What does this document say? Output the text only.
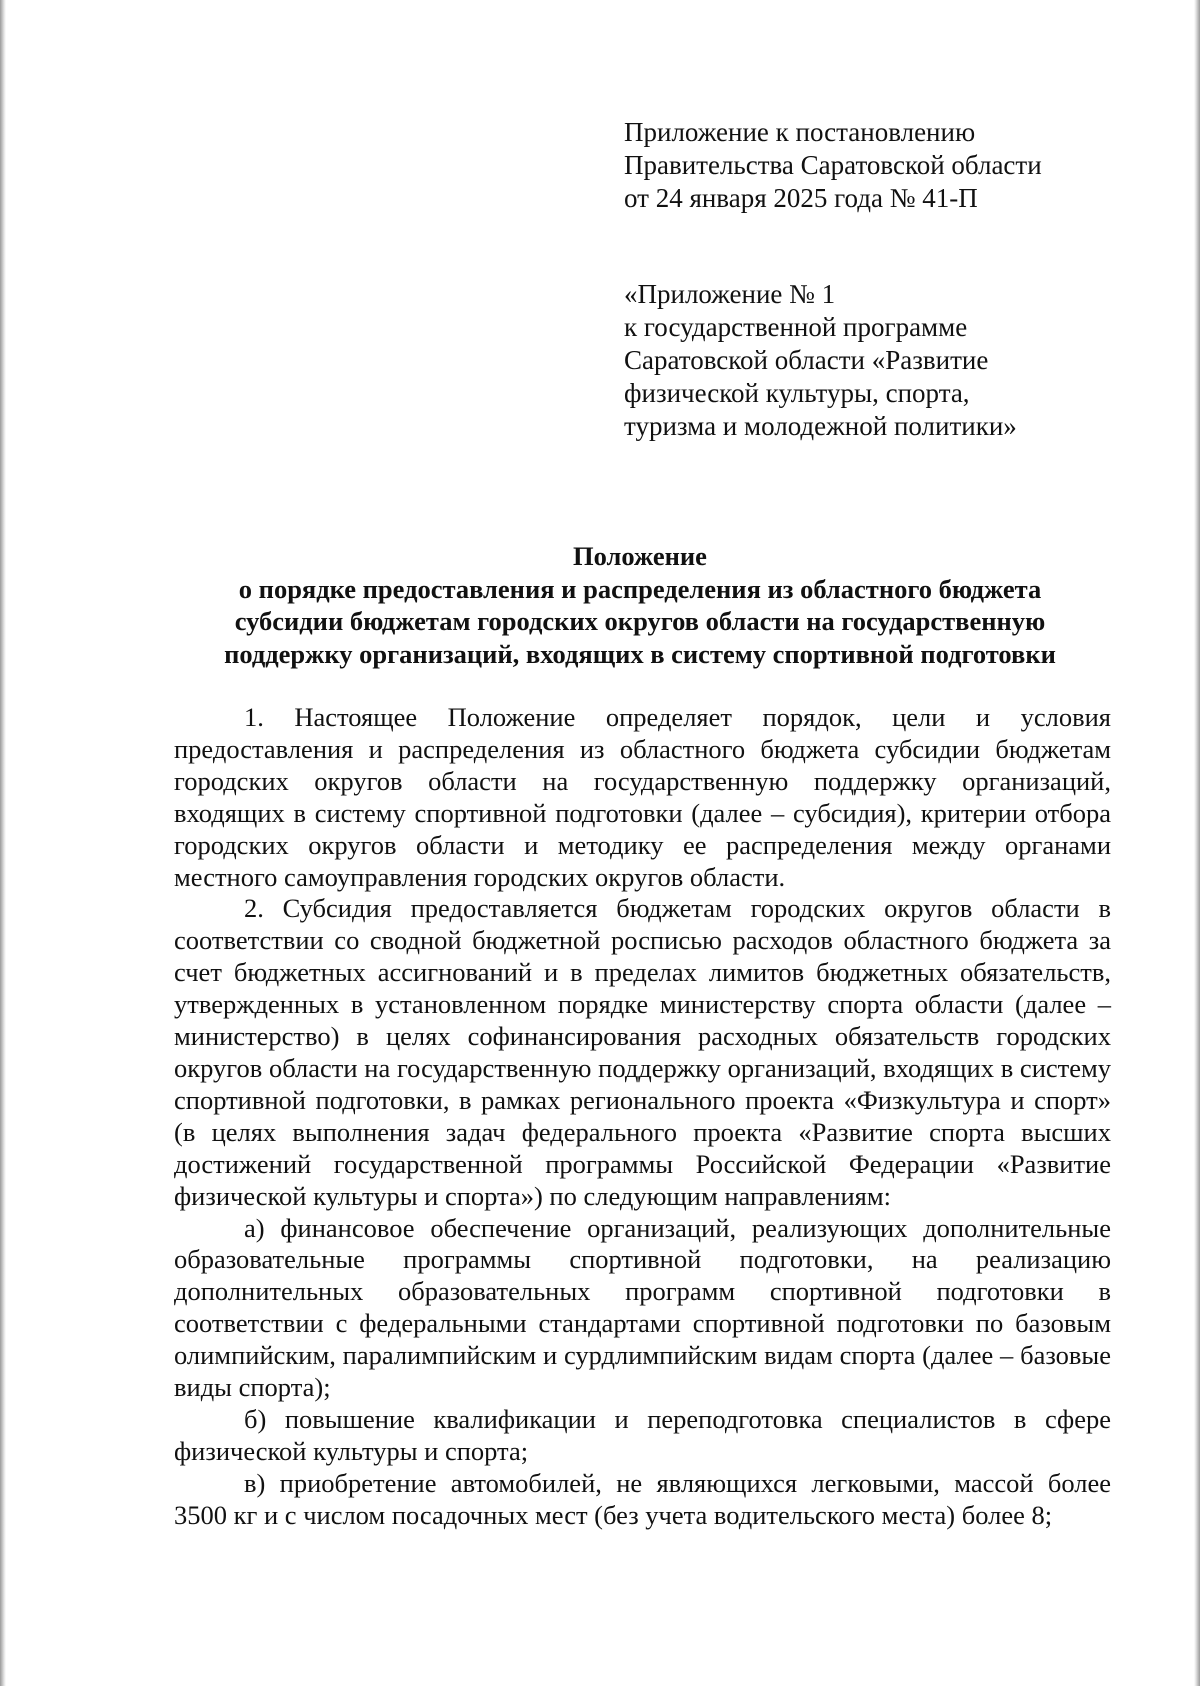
Приложение к постановлению
Правительства Саратовской области
от 24 января 2025 года № 41-П
«Приложение № 1
к государственной программе
Саратовской области «Развитие
физической культуры, спорта,
туризма и молодежной политики»
Положение
о порядке предоставления и распределения из областного бюджета
субсидии бюджетам городских округов области на государственную
поддержку организаций, входящих в систему спортивной подготовки

1. Настоящее Положение определяет порядок, цели и условия предоставления и распределения из областного бюджета субсидии бюджетам городских округов области на государственную поддержку организаций, входящих в систему спортивной подготовки (далее – субсидия), критерии отбора городских округов области и методику ее распределения между органами местного самоуправления городских округов области.

2. Субсидия предоставляется бюджетам городских округов области в соответствии со сводной бюджетной росписью расходов областного бюджета за счет бюджетных ассигнований и в пределах лимитов бюджетных обязательств, утвержденных в установленном порядке министерству спорта области (далее – министерство) в целях софинансирования расходных обязательств городских округов области на государственную поддержку организаций, входящих в систему спортивной подготовки, в рамках регионального проекта «Физкультура и спорт» (в целях выполнения задач федерального проекта «Развитие спорта высших достижений государственной программы Российской Федерации «Развитие физической культуры и спорта») по следующим направлениям:

а) финансовое обеспечение организаций, реализующих дополнительные образовательные программы спортивной подготовки, на реализацию дополнительных образовательных программ спортивной подготовки в соответствии с федеральными стандартами спортивной подготовки по базовым олимпийским, паралимпийским и сурдлимпийским видам спорта (далее – базовые виды спорта);

б) повышение квалификации и переподготовка специалистов в сфере физической культуры и спорта;

в) приобретение автомобилей, не являющихся легковыми, массой более 3500 кг и с числом посадочных мест (без учета водительского места) более 8;
